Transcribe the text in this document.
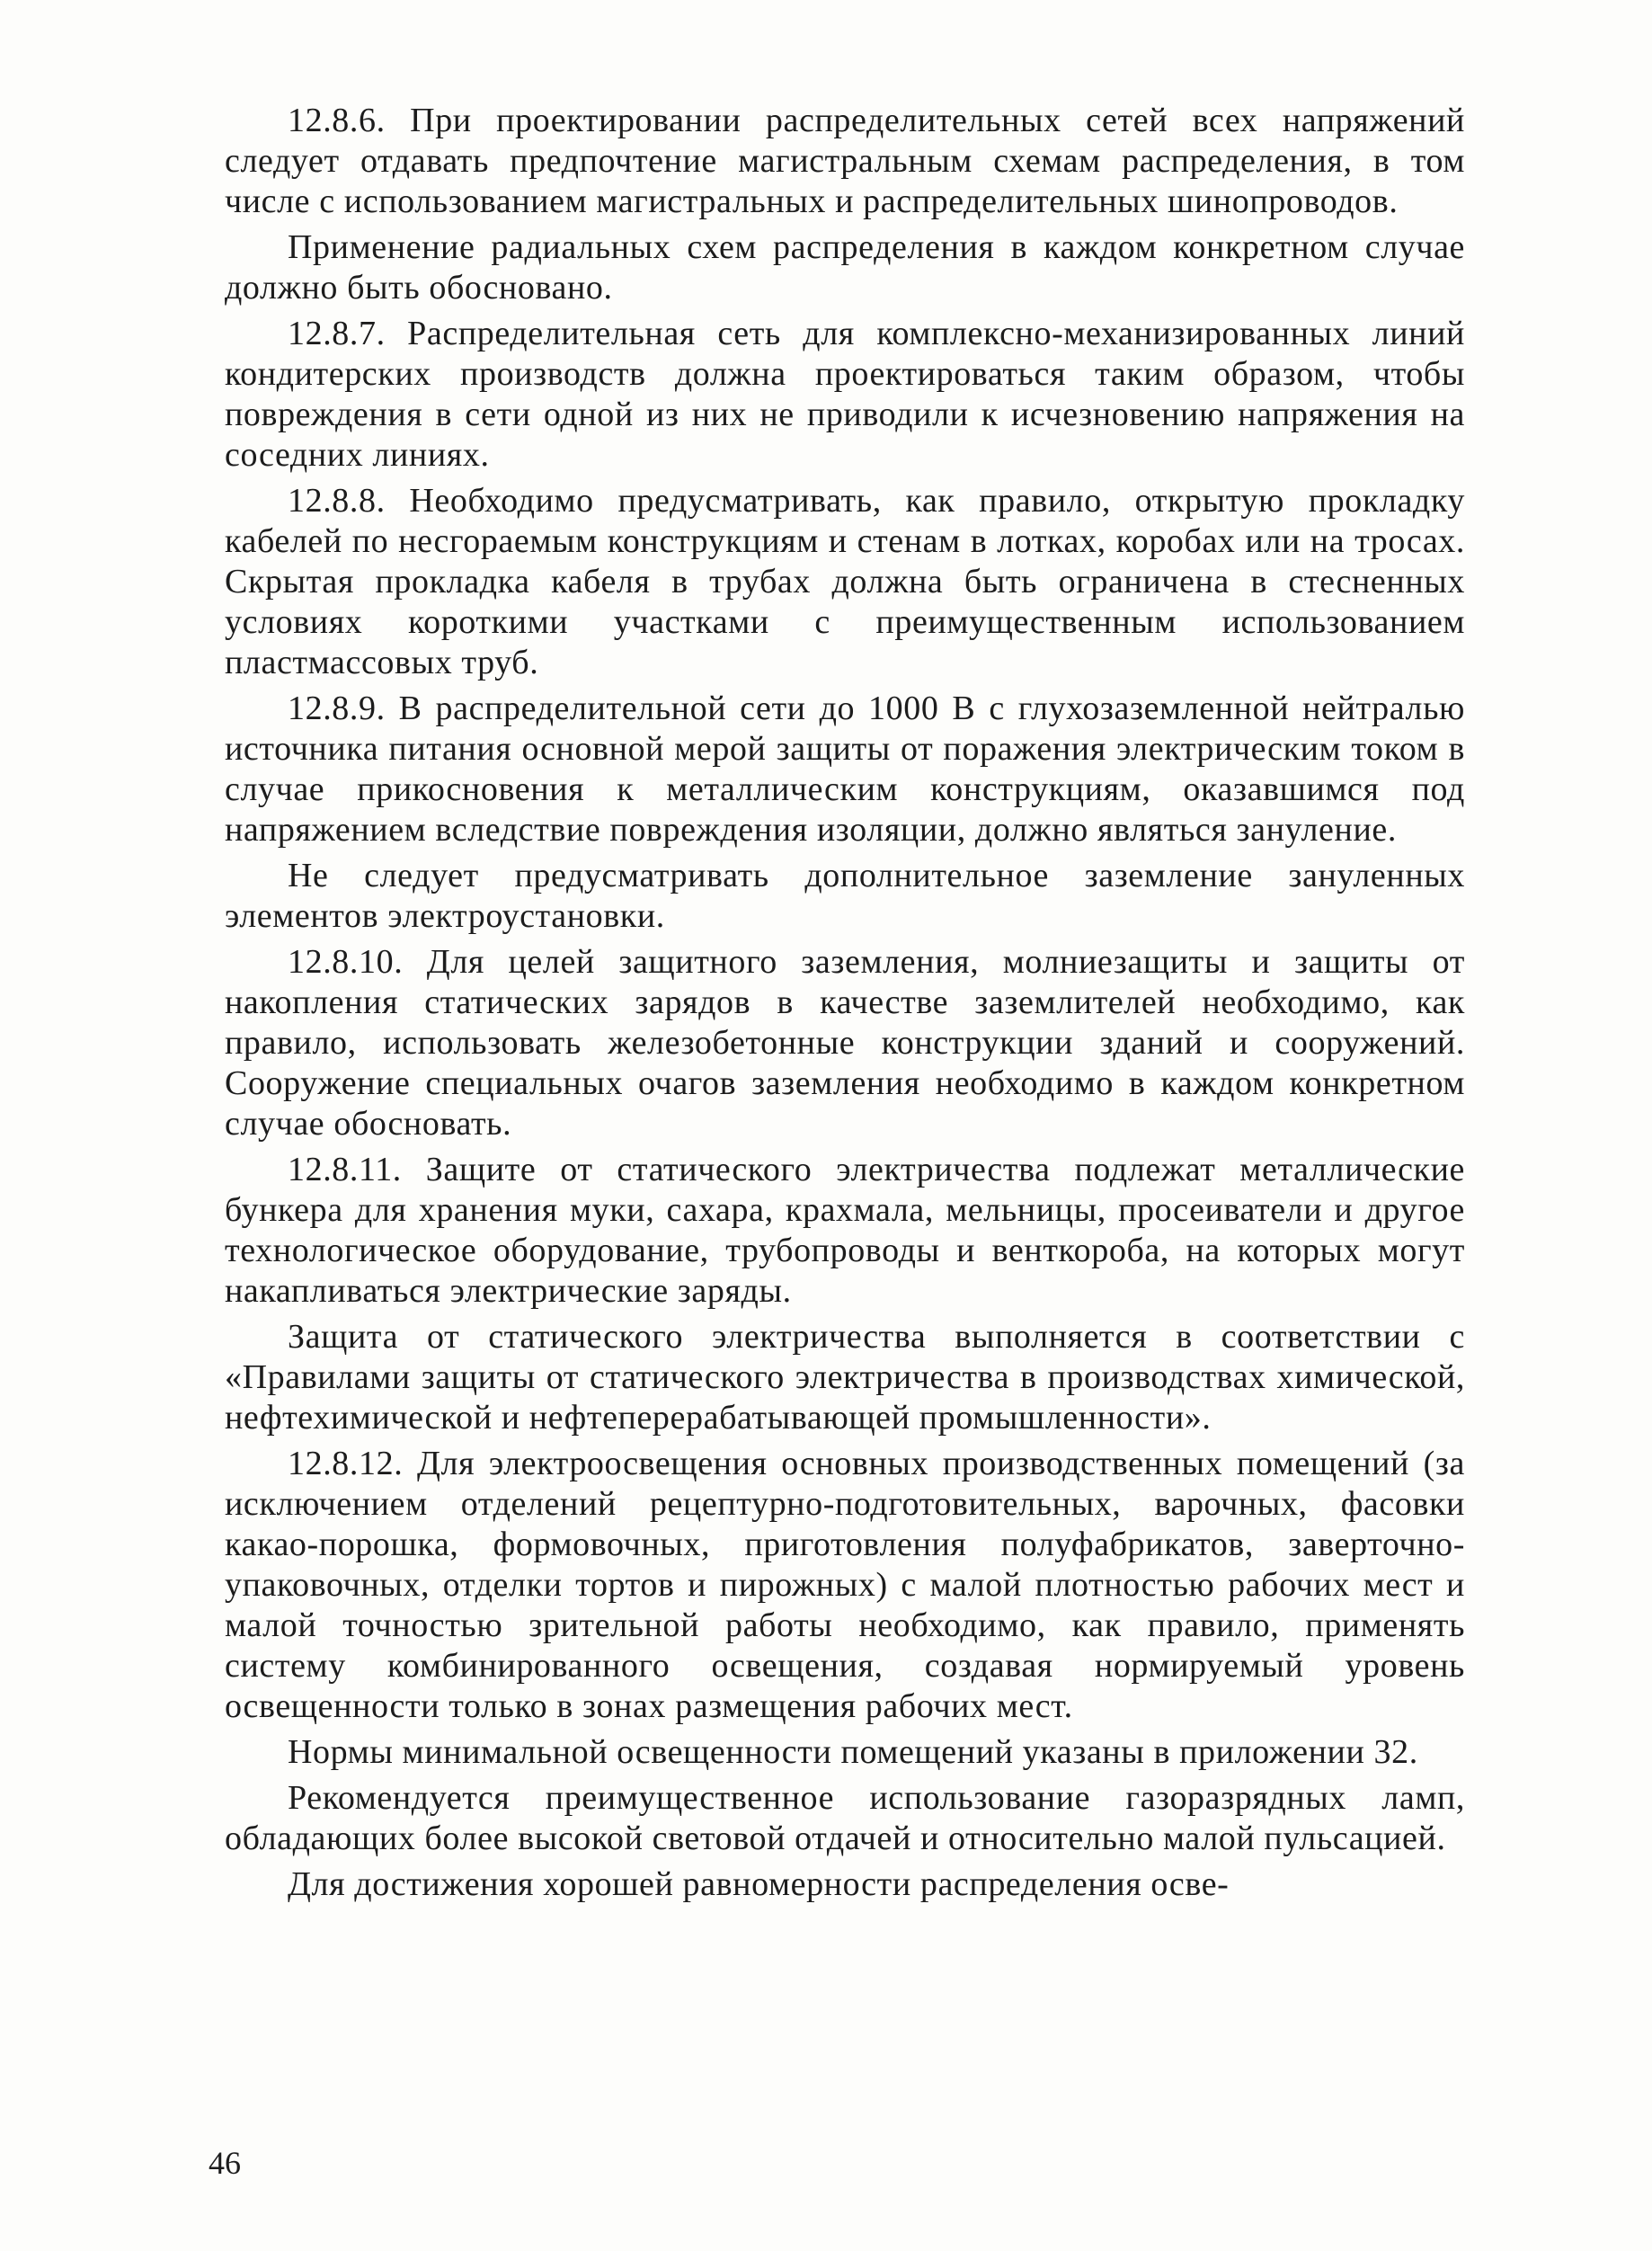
12.8.6. При проектировании распределительных сетей всех напряжений следует отдавать предпочтение магистральным схемам распределения, в том числе с использованием магистральных и распределительных шинопроводов.

Применение радиальных схем распределения в каждом конкретном случае должно быть обосновано.

12.8.7. Распределительная сеть для комплексно-механизированных линий кондитерских производств должна проектироваться таким образом, чтобы повреждения в сети одной из них не приводили к исчезновению напряжения на соседних линиях.

12.8.8. Необходимо предусматривать, как правило, открытую прокладку кабелей по несгораемым конструкциям и стенам в лотках, коробах или на тросах. Скрытая прокладка кабеля в трубах должна быть ограничена в стесненных условиях короткими участками с преимущественным использованием пластмассовых труб.

12.8.9. В распределительной сети до 1000 В с глухозаземленной нейтралью источника питания основной мерой защиты от поражения электрическим током в случае прикосновения к металлическим конструкциям, оказавшимся под напряжением вследствие повреждения изоляции, должно являться зануление.

Не следует предусматривать дополнительное заземление зануленных элементов электроустановки.

12.8.10. Для целей защитного заземления, молниезащиты и защиты от накопления статических зарядов в качестве заземлителей необходимо, как правило, использовать железобетонные конструкции зданий и сооружений. Сооружение специальных очагов заземления необходимо в каждом конкретном случае обосновать.

12.8.11. Защите от статического электричества подлежат металлические бункера для хранения муки, сахара, крахмала, мельницы, просеиватели и другое технологическое оборудование, трубопроводы и венткороба, на которых могут накапливаться электрические заряды.

Защита от статического электричества выполняется в соответствии с «Правилами защиты от статического электричества в производствах химической, нефтехимической и нефтеперерабатывающей промышленности».

12.8.12. Для электроосвещения основных производственных помещений (за исключением отделений рецептурно-подготовительных, варочных, фасовки какао-порошка, формовочных, приготовления полуфабрикатов, заверточно-упаковочных, отделки тортов и пирожных) с малой плотностью рабочих мест и малой точностью зрительной работы необходимо, как правило, применять систему комбинированного освещения, создавая нормируемый уровень освещенности только в зонах размещения рабочих мест.

Нормы минимальной освещенности помещений указаны в приложении 32.

Рекомендуется преимущественное использование газоразрядных ламп, обладающих более высокой световой отдачей и относительно малой пульсацией.

Для достижения хорошей равномерности распределения осве-

46
